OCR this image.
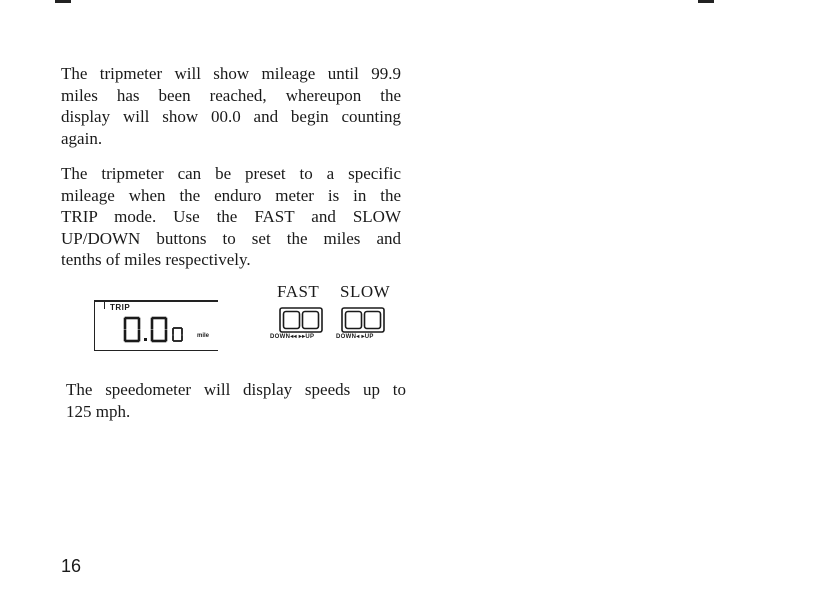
The tripmeter will show mileage until 99.9
miles has been reached, whereupon the
display will show 00.0 and begin counting
again.
The tripmeter can be preset to a specific
mileage when the enduro meter is in the
TRIP mode. Use the FAST and SLOW
UP/DOWN buttons to set the miles and
tenths of miles respectively.
TRIP
mile
FAST SLOW
DOWN◂◂ ▸▸UP	DOWN◂ ▸UP
The speedometer will display speeds up to
125 mph.
16
